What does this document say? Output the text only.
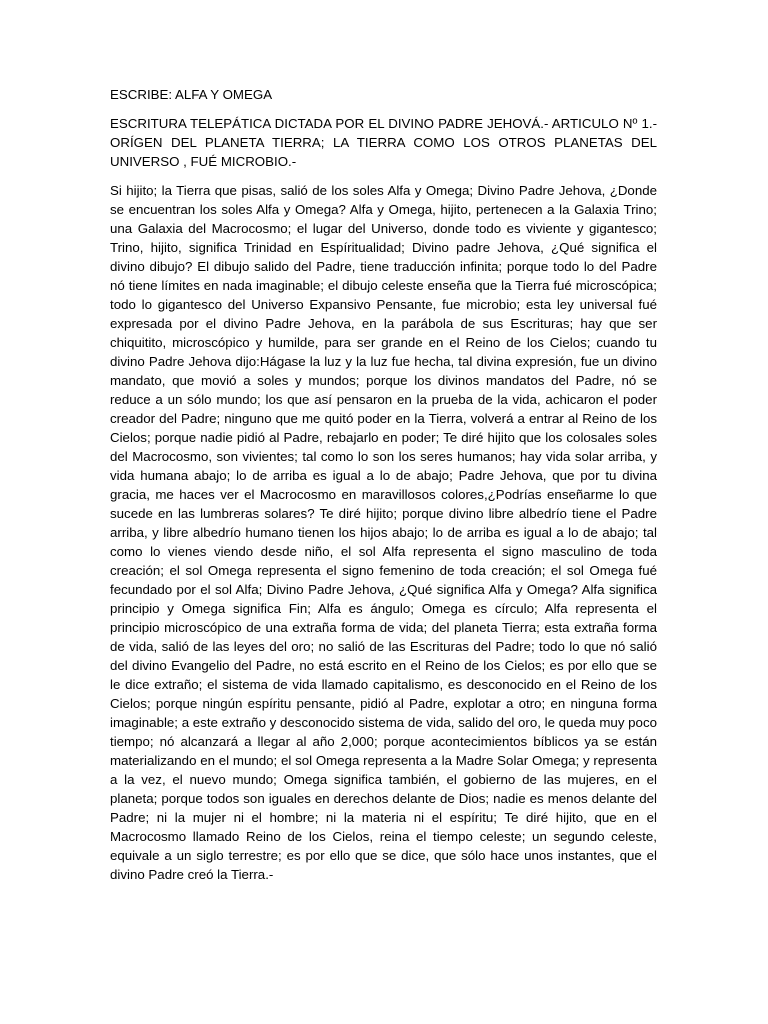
ESCRIBE: ALFA Y OMEGA

ESCRITURA TELEPÁTICA DICTADA POR EL DIVINO PADRE JEHOVÁ.- ARTICULO Nº 1.- ORÍGEN DEL PLANETA TIERRA; LA TIERRA COMO LOS OTROS PLANETAS DEL UNIVERSO , FUÉ MICROBIO.-

Si hijito; la Tierra que pisas, salió de los soles Alfa y Omega; Divino Padre Jehova, ¿Donde se encuentran los soles Alfa y Omega? Alfa y Omega, hijito, pertenecen a la Galaxia Trino; una Galaxia del Macrocosmo; el lugar del Universo, donde todo es viviente y gigantesco; Trino, hijito, significa Trinidad en Espíritualidad; Divino padre Jehova, ¿Qué significa el divino dibujo? El dibujo salido del Padre, tiene traducción infinita; porque todo lo del Padre nó tiene límites en nada imaginable; el dibujo celeste enseña que la Tierra fué microscópica; todo lo gigantesco del Universo Expansivo Pensante, fue microbio; esta ley universal fué expresada por el divino Padre Jehova, en la parábola de sus Escrituras; hay que ser chiquitito, microscópico y humilde, para ser grande en el Reino de los Cielos; cuando tu divino Padre Jehova dijo:Hágase la luz y la luz fue hecha, tal divina expresión, fue un divino mandato, que movió a soles y mundos; porque los divinos mandatos del Padre, nó se reduce a un sólo mundo; los que así pensaron en la prueba de la vida, achicaron el poder creador del Padre; ninguno que me quitó poder en la Tierra, volverá a entrar al Reino de los Cielos; porque nadie pidió al Padre, rebajarlo en poder; Te diré hijito que los colosales soles del Macrocosmo, son vivientes; tal como lo son los seres humanos; hay vida solar arriba, y vida humana abajo; lo de arriba es igual a lo de abajo; Padre Jehova, que por tu divina gracia, me haces ver el Macrocosmo en maravillosos colores,¿Podrías enseñarme lo que sucede en las lumbreras solares? Te diré hijito; porque divino libre albedrío tiene el Padre arriba, y libre albedrío humano tienen los hijos abajo; lo de arriba es igual a lo de abajo; tal como lo vienes viendo desde niño, el sol Alfa representa el signo masculino de toda creación; el sol Omega representa el signo femenino de toda creación; el sol Omega fué fecundado por el sol Alfa; Divino Padre Jehova, ¿Qué significa Alfa y Omega? Alfa significa principio y Omega significa Fin; Alfa es ángulo; Omega es círculo; Alfa representa el principio microscópico de una extraña forma de vida; del planeta Tierra; esta extraña forma de vida, salió de las leyes del oro; no salió de las Escrituras del Padre; todo lo que nó salió del divino Evangelio del Padre, no está escrito en el Reino de los Cielos; es por ello que se le dice extraño; el sistema de vida llamado capitalismo, es desconocido en el Reino de los Cielos; porque ningún espíritu pensante, pidió al Padre, explotar a otro; en ninguna forma imaginable; a este extraño y desconocido sistema de vida, salido del oro, le queda muy poco tiempo; nó alcanzará a llegar al año 2,000; porque acontecimientos bíblicos ya se están materializando en el mundo; el sol Omega representa a la Madre Solar Omega; y representa a la vez, el nuevo mundo; Omega significa también, el gobierno de las mujeres, en el planeta; porque todos son iguales en derechos delante de Dios; nadie es menos delante del Padre; ni la mujer ni el hombre; ni la materia ni el espíritu; Te diré hijito, que en el Macrocosmo llamado Reino de los Cielos, reina el tiempo celeste; un segundo celeste, equivale a un siglo terrestre; es por ello que se dice, que sólo hace unos instantes, que el divino Padre creó la Tierra.-
